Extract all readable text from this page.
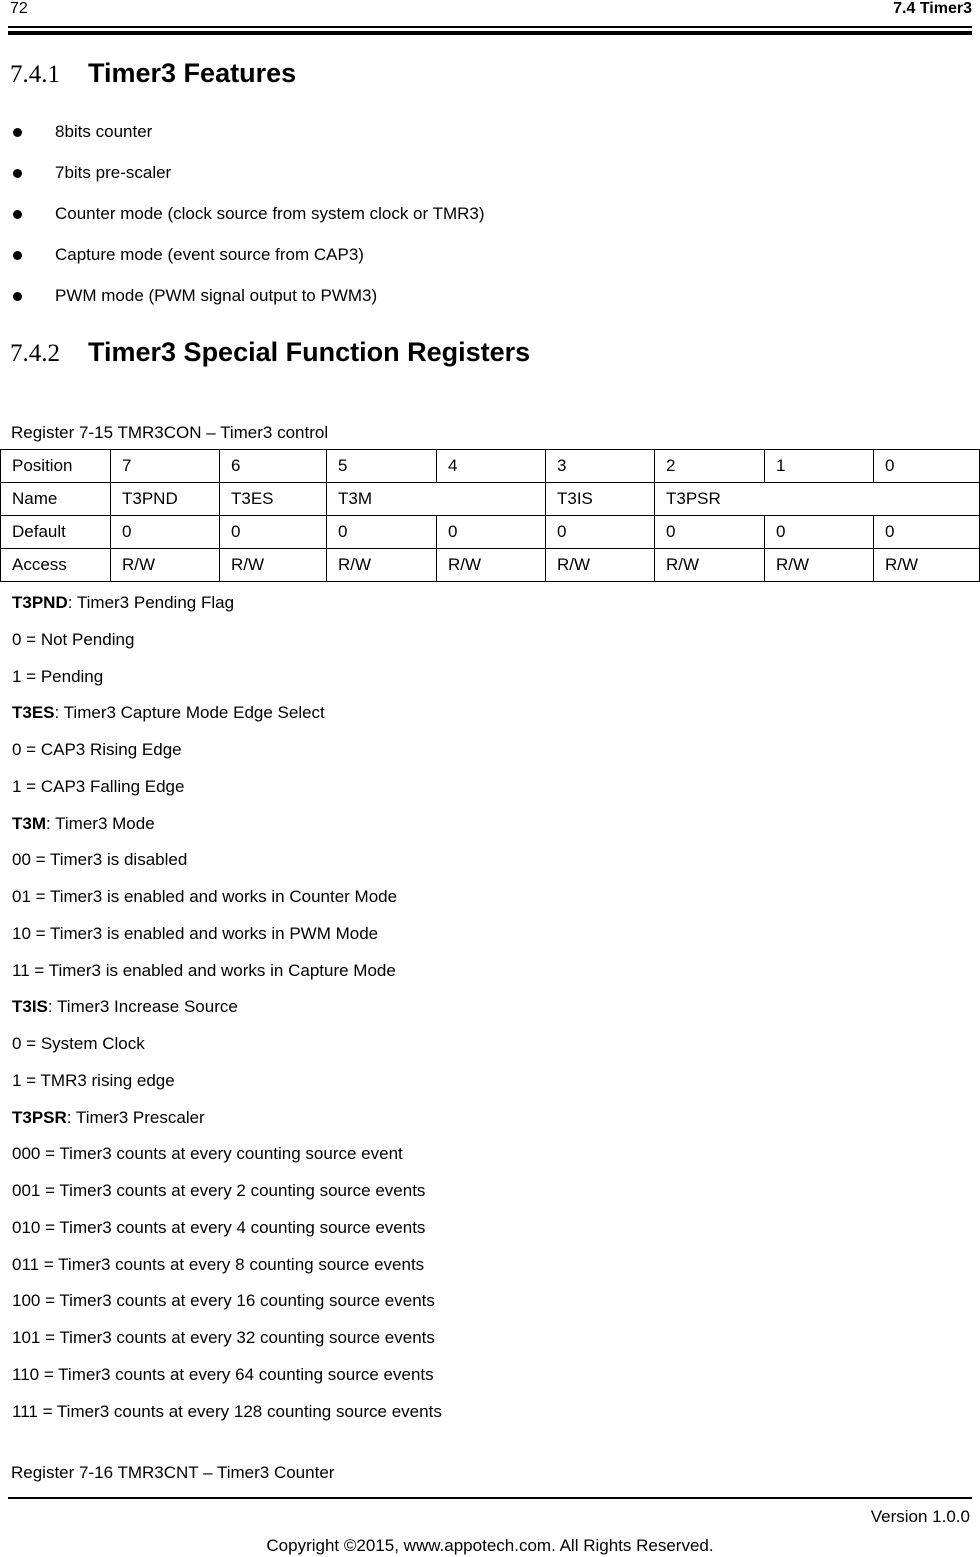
72	7.4 Timer3
7.4.1 Timer3 Features
8bits counter
7bits pre-scaler
Counter mode (clock source from system clock or TMR3)
Capture mode (event source from CAP3)
PWM mode (PWM signal output to PWM3)
7.4.2 Timer3 Special Function Registers
Register 7-15 TMR3CON – Timer3 control
Position	7	6	5	4	3	2	1	0
Name	T3PND	T3ES	T3M		T3IS	T3PSR		
Default	0	0	0	0	0	0	0	0
Access	R/W	R/W	R/W	R/W	R/W	R/W	R/W	R/W
T3PND: Timer3 Pending Flag
0 = Not Pending
1 = Pending
T3ES: Timer3 Capture Mode Edge Select
0 = CAP3 Rising Edge
1 = CAP3 Falling Edge
T3M: Timer3 Mode
00 = Timer3 is disabled
01 = Timer3 is enabled and works in Counter Mode
10 = Timer3 is enabled and works in PWM Mode
11 = Timer3 is enabled and works in Capture Mode
T3IS: Timer3 Increase Source
0 = System Clock
1 = TMR3 rising edge
T3PSR: Timer3 Prescaler
000 = Timer3 counts at every counting source event
001 = Timer3 counts at every 2 counting source events
010 = Timer3 counts at every 4 counting source events
011 = Timer3 counts at every 8 counting source events
100 = Timer3 counts at every 16 counting source events
101 = Timer3 counts at every 32 counting source events
110 = Timer3 counts at every 64 counting source events
111 = Timer3 counts at every 128 counting source events
Register 7-16 TMR3CNT – Timer3 Counter
Version 1.0.0
Copyright ©2015, www.appotech.com. All Rights Reserved.
